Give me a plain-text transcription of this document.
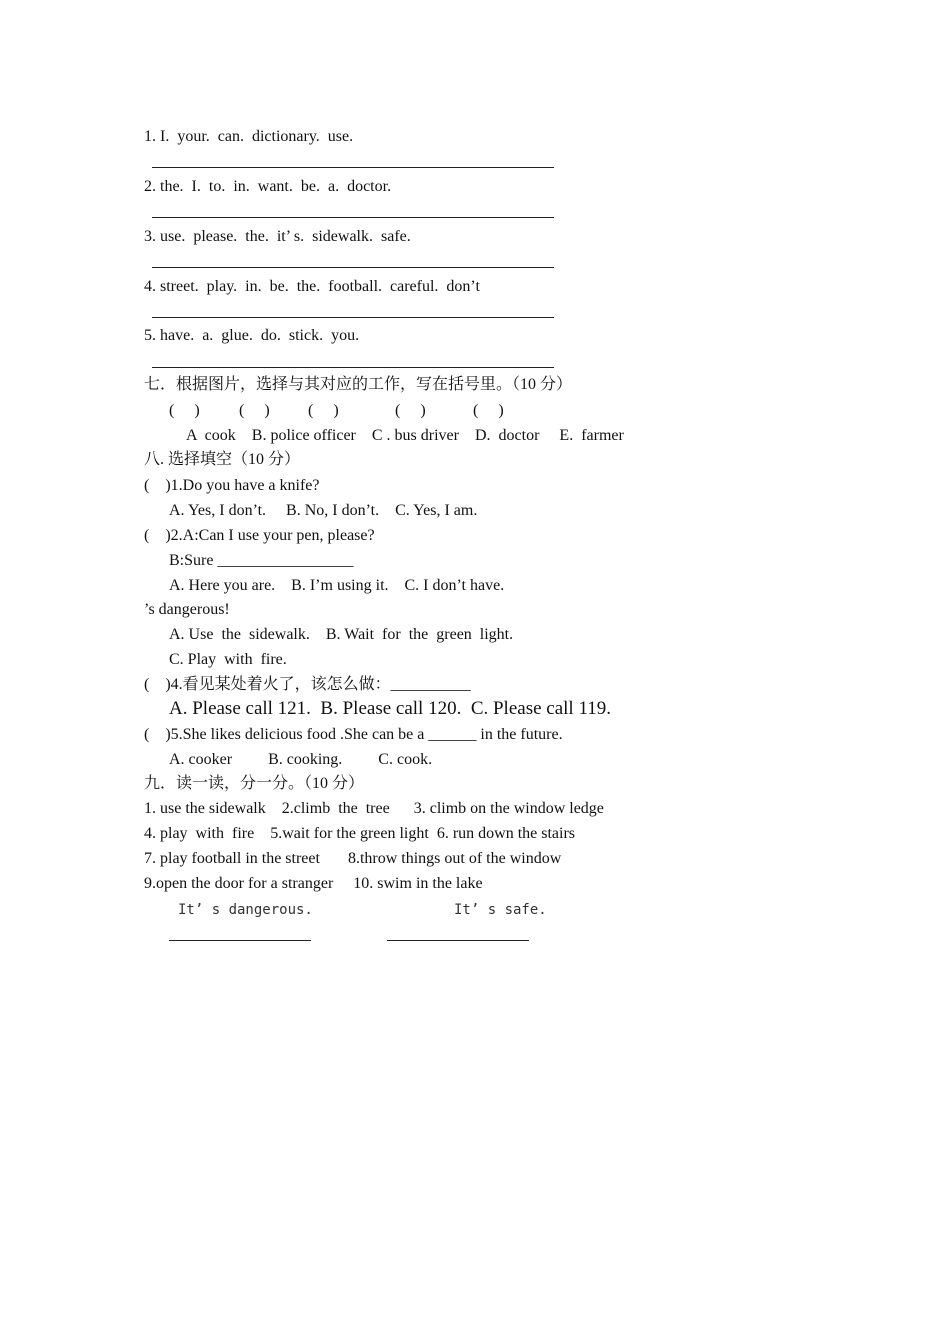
1. I.  your.  can.  dictionary.  use.
2. the.  I.  to.  in.  want.  be.  a.  doctor.
3. use.  please.  the.  it’ s.  sidewalk.  safe.
4. street.  play.  in.  be.  the.  football.  careful.  don’t
5. have.  a.  glue.  do.  stick.  you.
七．根据图片，选择与其对应的工作，写在括号里。（10 分）
(     ) (     ) (     )	(     )	(     )
A  cook    B. police officer    C . bus driver    D.  doctor     E.  farmer
八. 选择填空（10 分）
(    )1.Do you have a knife?
A. Yes, I don’t.     B. No, I don’t.    C. Yes, I am.
(    )2.A:Can I use your pen, please?
B:Sure _________________
A. Here you are.    B. I’m using it.    C. I don’t have.
’s dangerous!
A. Use  the  sidewalk.    B. Wait  for  the  green  light.
C. Play  with  fire.
(    )4.看见某处着火了，该怎么做：__________
A. Please call 121.  B. Please call 120.  C. Please call 119.
(    )5.She likes delicious food .She can be a ______ in the future.
A. cooker         B. cooking.         C. cook.
九．读一读，分一分。（10 分）
1. use the sidewalk    2.climb  the  tree      3. climb on the window ledge
4. play  with  fire    5.wait for the green light  6. run down the stairs
7. play football in the street       8.throw things out of the window
9.open the door for a stranger     10. swim in the lake
It’ s dangerous.	It’ s safe.
